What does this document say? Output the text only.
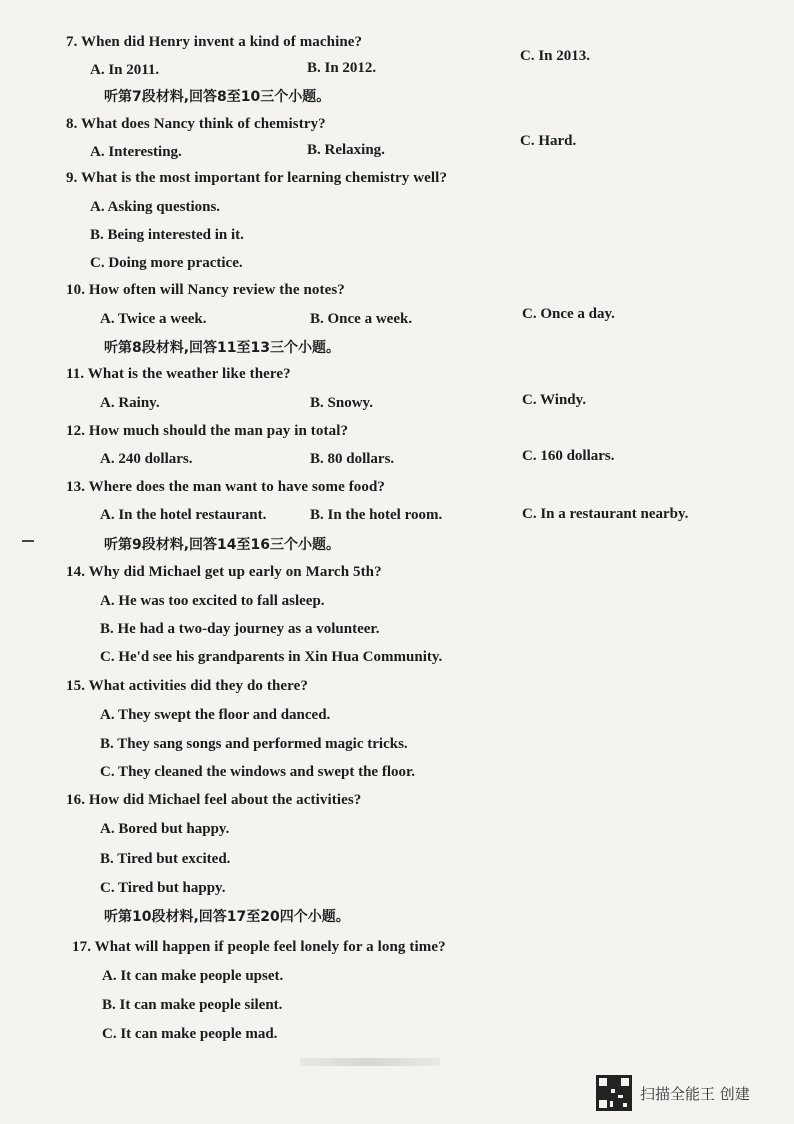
7. When did Henry invent a kind of machine?
A. In 2011.	B. In 2012.
C. In 2013.
听第7段材料,回答8至10三个小题。
8. What does Nancy think of chemistry?
A. Interesting.	B. Relaxing.
C. Hard.
9. What is the most important for learning chemistry well?
A. Asking questions.
B. Being interested in it.
C. Doing more practice.
10. How often will Nancy review the notes?
A. Twice a week.	B. Once a week.	C. Once a day.
听第8段材料,回答11至13三个小题。
11. What is the weather like there?
A. Rainy.	B. Snowy.	C. Windy.
12. How much should the man pay in total?
A. 240 dollars.	B. 80 dollars.	C. 160 dollars.
13. Where does the man want to have some food?
A. In the hotel restaurant.	B. In the hotel room.	C. In a restaurant nearby.
听第9段材料,回答14至16三个小题。
14. Why did Michael get up early on March 5th?
A. He was too excited to fall asleep.
B. He had a two-day journey as a volunteer.
C. He'd see his grandparents in Xin Hua Community.
15. What activities did they do there?
A. They swept the floor and danced.
B. They sang songs and performed magic tricks.
C. They cleaned the windows and swept the floor.
16. How did Michael feel about the activities?
A. Bored but happy.
B. Tired but excited.
C. Tired but happy.
听第10段材料,回答17至20四个小题。
17. What will happen if people feel lonely for a long time?
A. It can make people upset.
B. It can make people silent.
C. It can make people mad.
扫描全能王 创建
